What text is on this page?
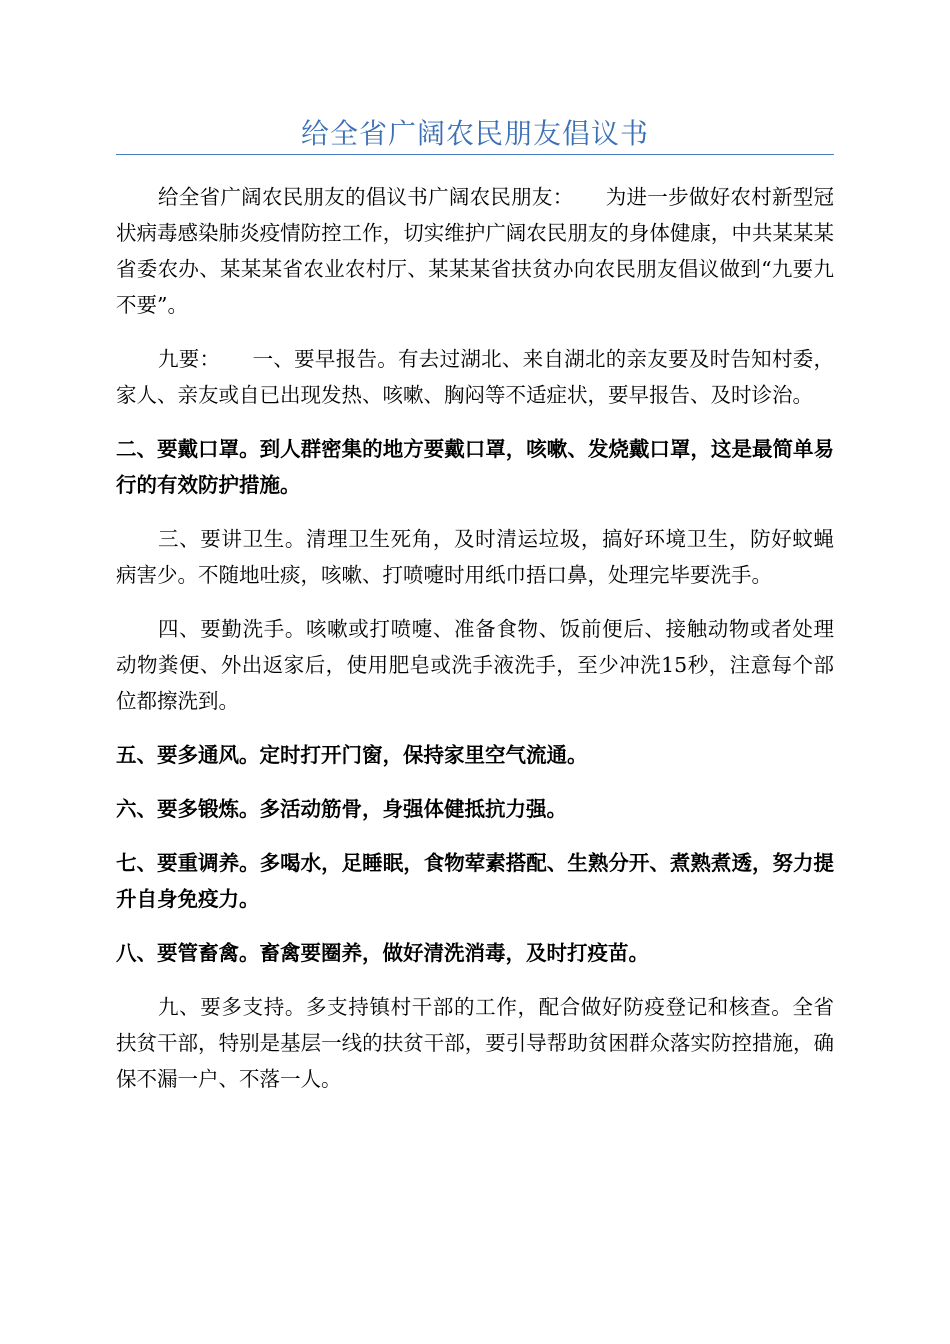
给全省广阔农民朋友倡议书

给全省广阔农民朋友的倡议书广阔农民朋友： 为进一步做好农村新型冠状病毒感染肺炎疫情防控工作，切实维护广阔农民朋友的身体健康，中共某某某省委农办、某某某省农业农村厅、某某某省扶贫办向农民朋友倡议做到“九要九不要”。

九要： 一、要早报告。有去过湖北、来自湖北的亲友要及时告知村委，家人、亲友或自已出现发热、咳嗽、胸闷等不适症状，要早报告、及时诊治。

二、要戴口罩。到人群密集的地方要戴口罩，咳嗽、发烧戴口罩，这是最简单易行的有效防护措施。

三、要讲卫生。清理卫生死角，及时清运垃圾，搞好环境卫生，防好蚊蝇病害少。不随地吐痰，咳嗽、打喷嚏时用纸巾捂口鼻，处理完毕要洗手。

四、要勤洗手。咳嗽或打喷嚏、准备食物、饭前便后、接触动物或者处理动物粪便、外出返家后，使用肥皂或洗手液洗手，至少冲洗15秒，注意每个部位都擦洗到。

五、要多通风。定时打开门窗，保持家里空气流通。

六、要多锻炼。多活动筋骨，身强体健抵抗力强。

七、要重调养。多喝水，足睡眠，食物荤素搭配、生熟分开、煮熟煮透，努力提升自身免疫力。

八、要管畜禽。畜禽要圈养，做好清洗消毒，及时打疫苗。

九、要多支持。多支持镇村干部的工作，配合做好防疫登记和核查。全省扶贫干部，特别是基层一线的扶贫干部，要引导帮助贫困群众落实防控措施，确保不漏一户、不落一人。
